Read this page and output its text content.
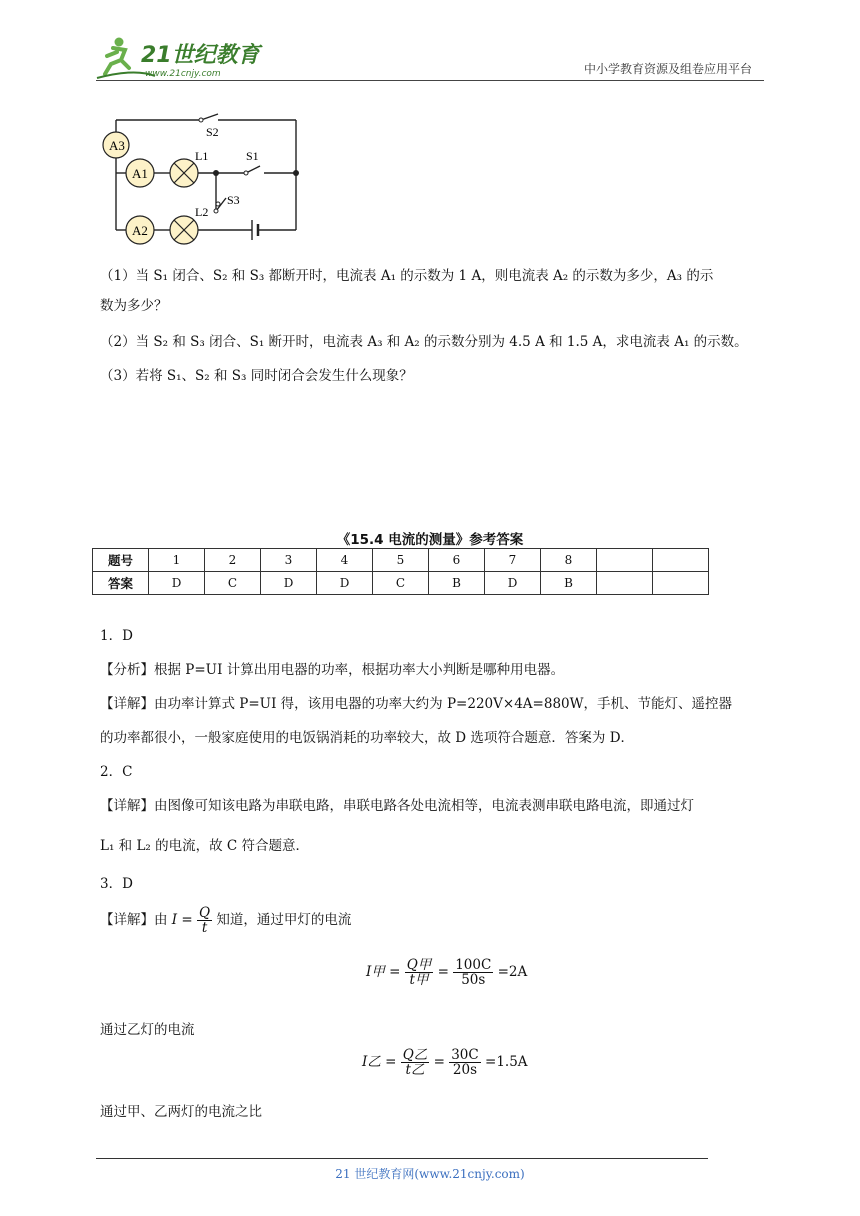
21世纪教育
www.21cnjy.com	中小学教育资源及组卷应用平台
A3
A1
A2
L1
L2
S1
S2
S3
（1）当 S₁ 闭合、S₂ 和 S₃ 都断开时，电流表 A₁ 的示数为 1 A，则电流表 A₂ 的示数为多少，A₃ 的示
数为多少？
（2）当 S₂ 和 S₃ 闭合、S₁ 断开时，电流表 A₃ 和 A₂ 的示数分别为 4.5 A 和 1.5 A，求电流表 A₁ 的示数。
（3）若将 S₁、S₂ 和 S₃ 同时闭合会发生什么现象？
《15.4 电流的测量》参考答案
题号	1	2	3	4	5	6	7	8		
答案	D	C	D	D	C	B	D	B		
1．D
【分析】根据 P=UI 计算出用电器的功率，根据功率大小判断是哪种用电器。
【详解】由功率计算式 P=UI 得，该用电器的功率大约为 P=220V×4A=880W，手机、节能灯、遥控器
的功率都很小，一般家庭使用的电饭锅消耗的功率较大，故 D 选项符合题意．答案为 D．
2．C
【详解】由图像可知该电路为串联电路，串联电路各处电流相等，电流表测串联电路电流，即通过灯
L₁ 和 L₂ 的电流，故 C 符合题意．
3．D
【详解】由 $I = \frac{Q}{t}$ 知道，通过甲灯的电流
I甲 = $\frac{\text{Q甲}}{\text{t甲}} = \frac{100C}{50s} =2A$
通过乙灯的电流
I乙 = $\frac{\text{Q乙}}{\text{t乙}} = \frac{30C}{20s} =1.5A$
通过甲、乙两灯的电流之比
21 世纪教育网(www.21cnjy.com)
